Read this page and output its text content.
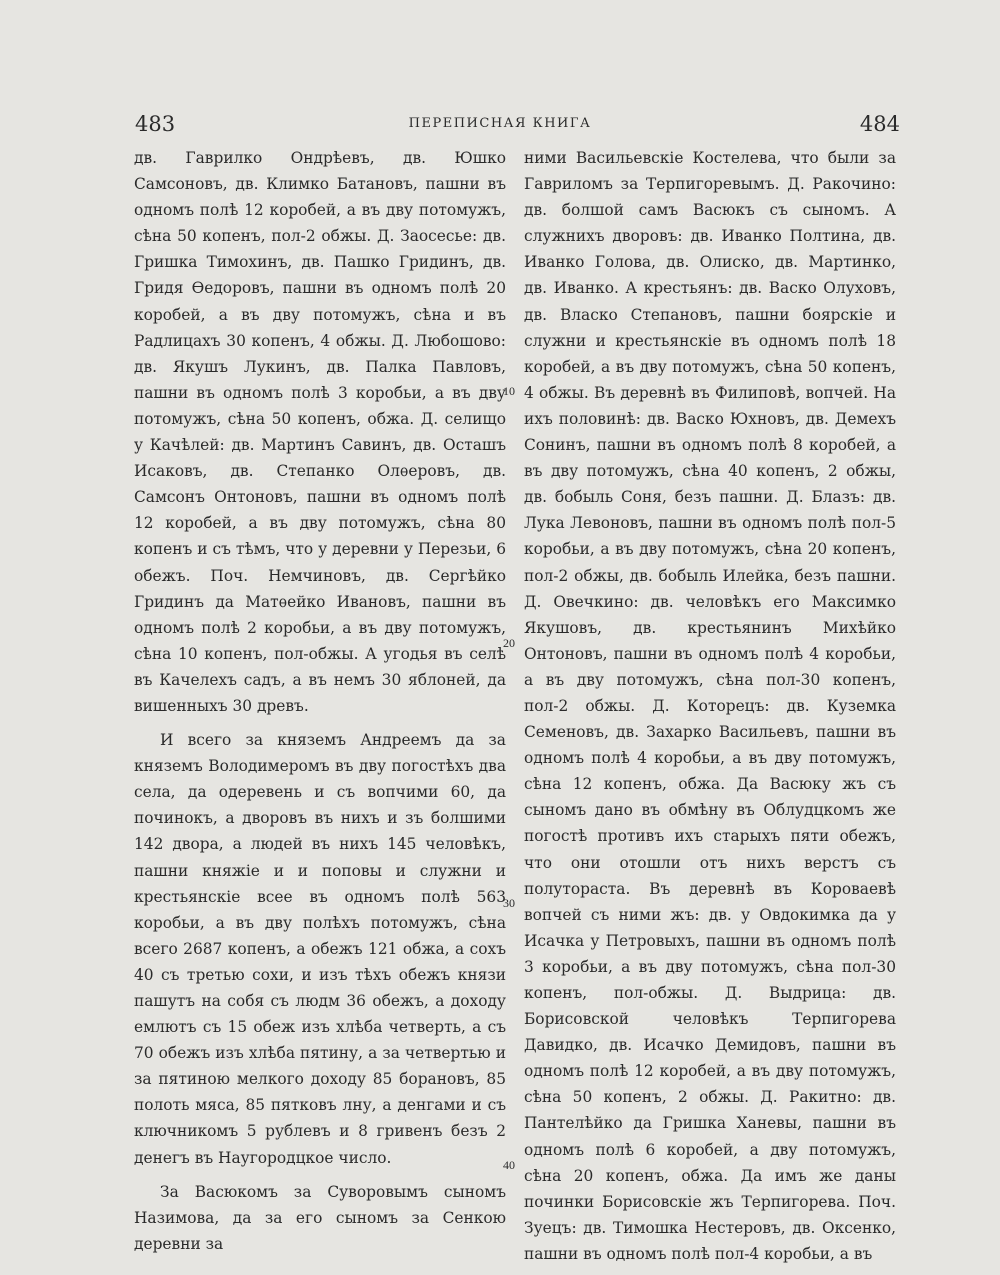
483	ПЕРЕПИСНАЯ КНИГА	484

дв. Гаврилко Ондрѣевъ, дв. Юшко Самсоновъ, дв. Климко Батановъ, пашни въ одномъ полѣ 12 коробей, а въ дву потомужъ, сѣна 50 копенъ, пол-2 обжы. Д. Заосесье: дв. Гришка Тимохинъ, дв. Пашко Гридинъ, дв. Гридя Ѳедоровъ, пашни въ одномъ полѣ 20 коробей, а въ дву потомужъ, сѣна и въ Радлицахъ 30 копенъ, 4 обжы. Д. Любошово: дв. Якушъ Лукинъ, дв. Палка Павловъ, пашни въ одномъ полѣ 3 коробьи, а въ дву потомужъ, сѣна 50 копенъ, обжа. Д. селищо у Качѣлей: дв. Мартинъ Савинъ, дв. Осташъ Исаковъ, дв. Степанко Олѳеровъ, дв. Самсонъ Онтоновъ, пашни въ одномъ полѣ 12 коробей, а въ дву потомужъ, сѣна 80 копенъ и съ тѣмъ, что у деревни у Перезьи, 6 обежъ. Поч. Немчиновъ, дв. Сергѣйко Гридинъ да Матѳейко Ивановъ, пашни въ одномъ полѣ 2 коробьи, а въ дву потомужъ, сѣна 10 копенъ, пол-обжы. А угодья въ селѣ въ Качелехъ садъ, а въ немъ 30 яблоней, да вишенныхъ 30 древъ.

И всего за княземъ Андреемъ да за княземъ Володимеромъ въ дву погостѣхъ два села, да одеревень и съ вопчими 60, да починокъ, а дворовъ въ нихъ и зъ болшими 142 двора, а людей въ нихъ 145 человѣкъ, пашни княжіе и и поповы и служни и крестьянскіе всее въ одномъ полѣ 563 коробьи, а въ дву полѣхъ потомужъ, сѣна всего 2687 копенъ, а обежъ 121 обжа, а сохъ 40 съ третью сохи, и изъ тѣхъ обежъ князи пашутъ на собя съ людм 36 обежъ, а доходу емлютъ съ 15 обеж изъ хлѣба четверть, а съ 70 обежъ изъ хлѣба пятину, а за четвертью и за пятиною мелкого доходу 85 борановъ, 85 полоть мяса, 85 пятковъ лну, а денгами и съ ключникомъ 5 рублевъ и 8 гривенъ безъ 2 денегъ въ Наугородцкое число.

За Васюкомъ за Суворовымъ сыномъ Назимова, да за его сыномъ за Сенкою деревни за

ними Васильевскіе Костелева, что были за Гавриломъ за Терпигоревымъ. Д. Ракочино: дв. болшой самъ Васюкъ съ сыномъ. А служнихъ дворовъ: дв. Иванко Полтина, дв. Иванко Голова, дв. Олиско, дв. Мартинко, дв. Иванко. А крестьянъ: дв. Васко Олуховъ, дв. Власко Степановъ, пашни боярскіе и служни и крестьянскіе въ одномъ полѣ 18 коробей, а въ дву потомужъ, сѣна 50 копенъ, 4 обжы. Въ деревнѣ въ Филиповѣ, вопчей. На ихъ половинѣ: дв. Васко Юхновъ, дв. Демехъ Сонинъ, пашни въ одномъ полѣ 8 коробей, а въ дву потомужъ, сѣна 40 копенъ, 2 обжы, дв. бобыль Соня, безъ пашни. Д. Блазъ: дв. Лука Левоновъ, пашни въ одномъ полѣ пол-5 коробьи, а въ дву потомужъ, сѣна 20 копенъ, пол-2 обжы, дв. бобыль Илейка, безъ пашни. Д. Овечкино: дв. человѣкъ его Максимко Якушовъ, дв. крестьянинъ Михѣйко Онтоновъ, пашни въ одномъ полѣ 4 коробьи, а въ дву потомужъ, сѣна пол-30 копенъ, пол-2 обжы. Д. Которецъ: дв. Куземка Семеновъ, дв. Захарко Васильевъ, пашни въ одномъ полѣ 4 коробьи, а въ дву потомужъ, сѣна 12 копенъ, обжа. Да Васюку жъ съ сыномъ дано въ обмѣну въ Облудцкомъ же погостѣ противъ ихъ старыхъ пяти обежъ, что они отошли отъ нихъ верстъ съ полутораста. Въ деревнѣ въ Короваевѣ вопчей съ ними жъ: дв. у Овдокимка да у Исачка у Петровыхъ, пашни въ одномъ полѣ 3 коробьи, а въ дву потомужъ, сѣна пол-30 копенъ, пол-обжы. Д. Выдрица: дв. Борисовской человѣкъ Терпигорева Давидко, дв. Исачко Демидовъ, пашни въ одномъ полѣ 12 коробей, а въ дву потомужъ, сѣна 50 копенъ, 2 обжы. Д. Ракитно: дв. Пантелѣйко да Гришка Ханевы, пашни въ одномъ полѣ 6 коробей, а дву потомужъ, сѣна 20 копенъ, обжа. Да имъ же даны починки Борисовскіе жъ Терпигорева. Поч. Зуецъ: дв. Тимошка Нестеровъ, дв. Оксенко, пашни въ одномъ полѣ пол-4 коробьи, а въ

10
20
30
40
